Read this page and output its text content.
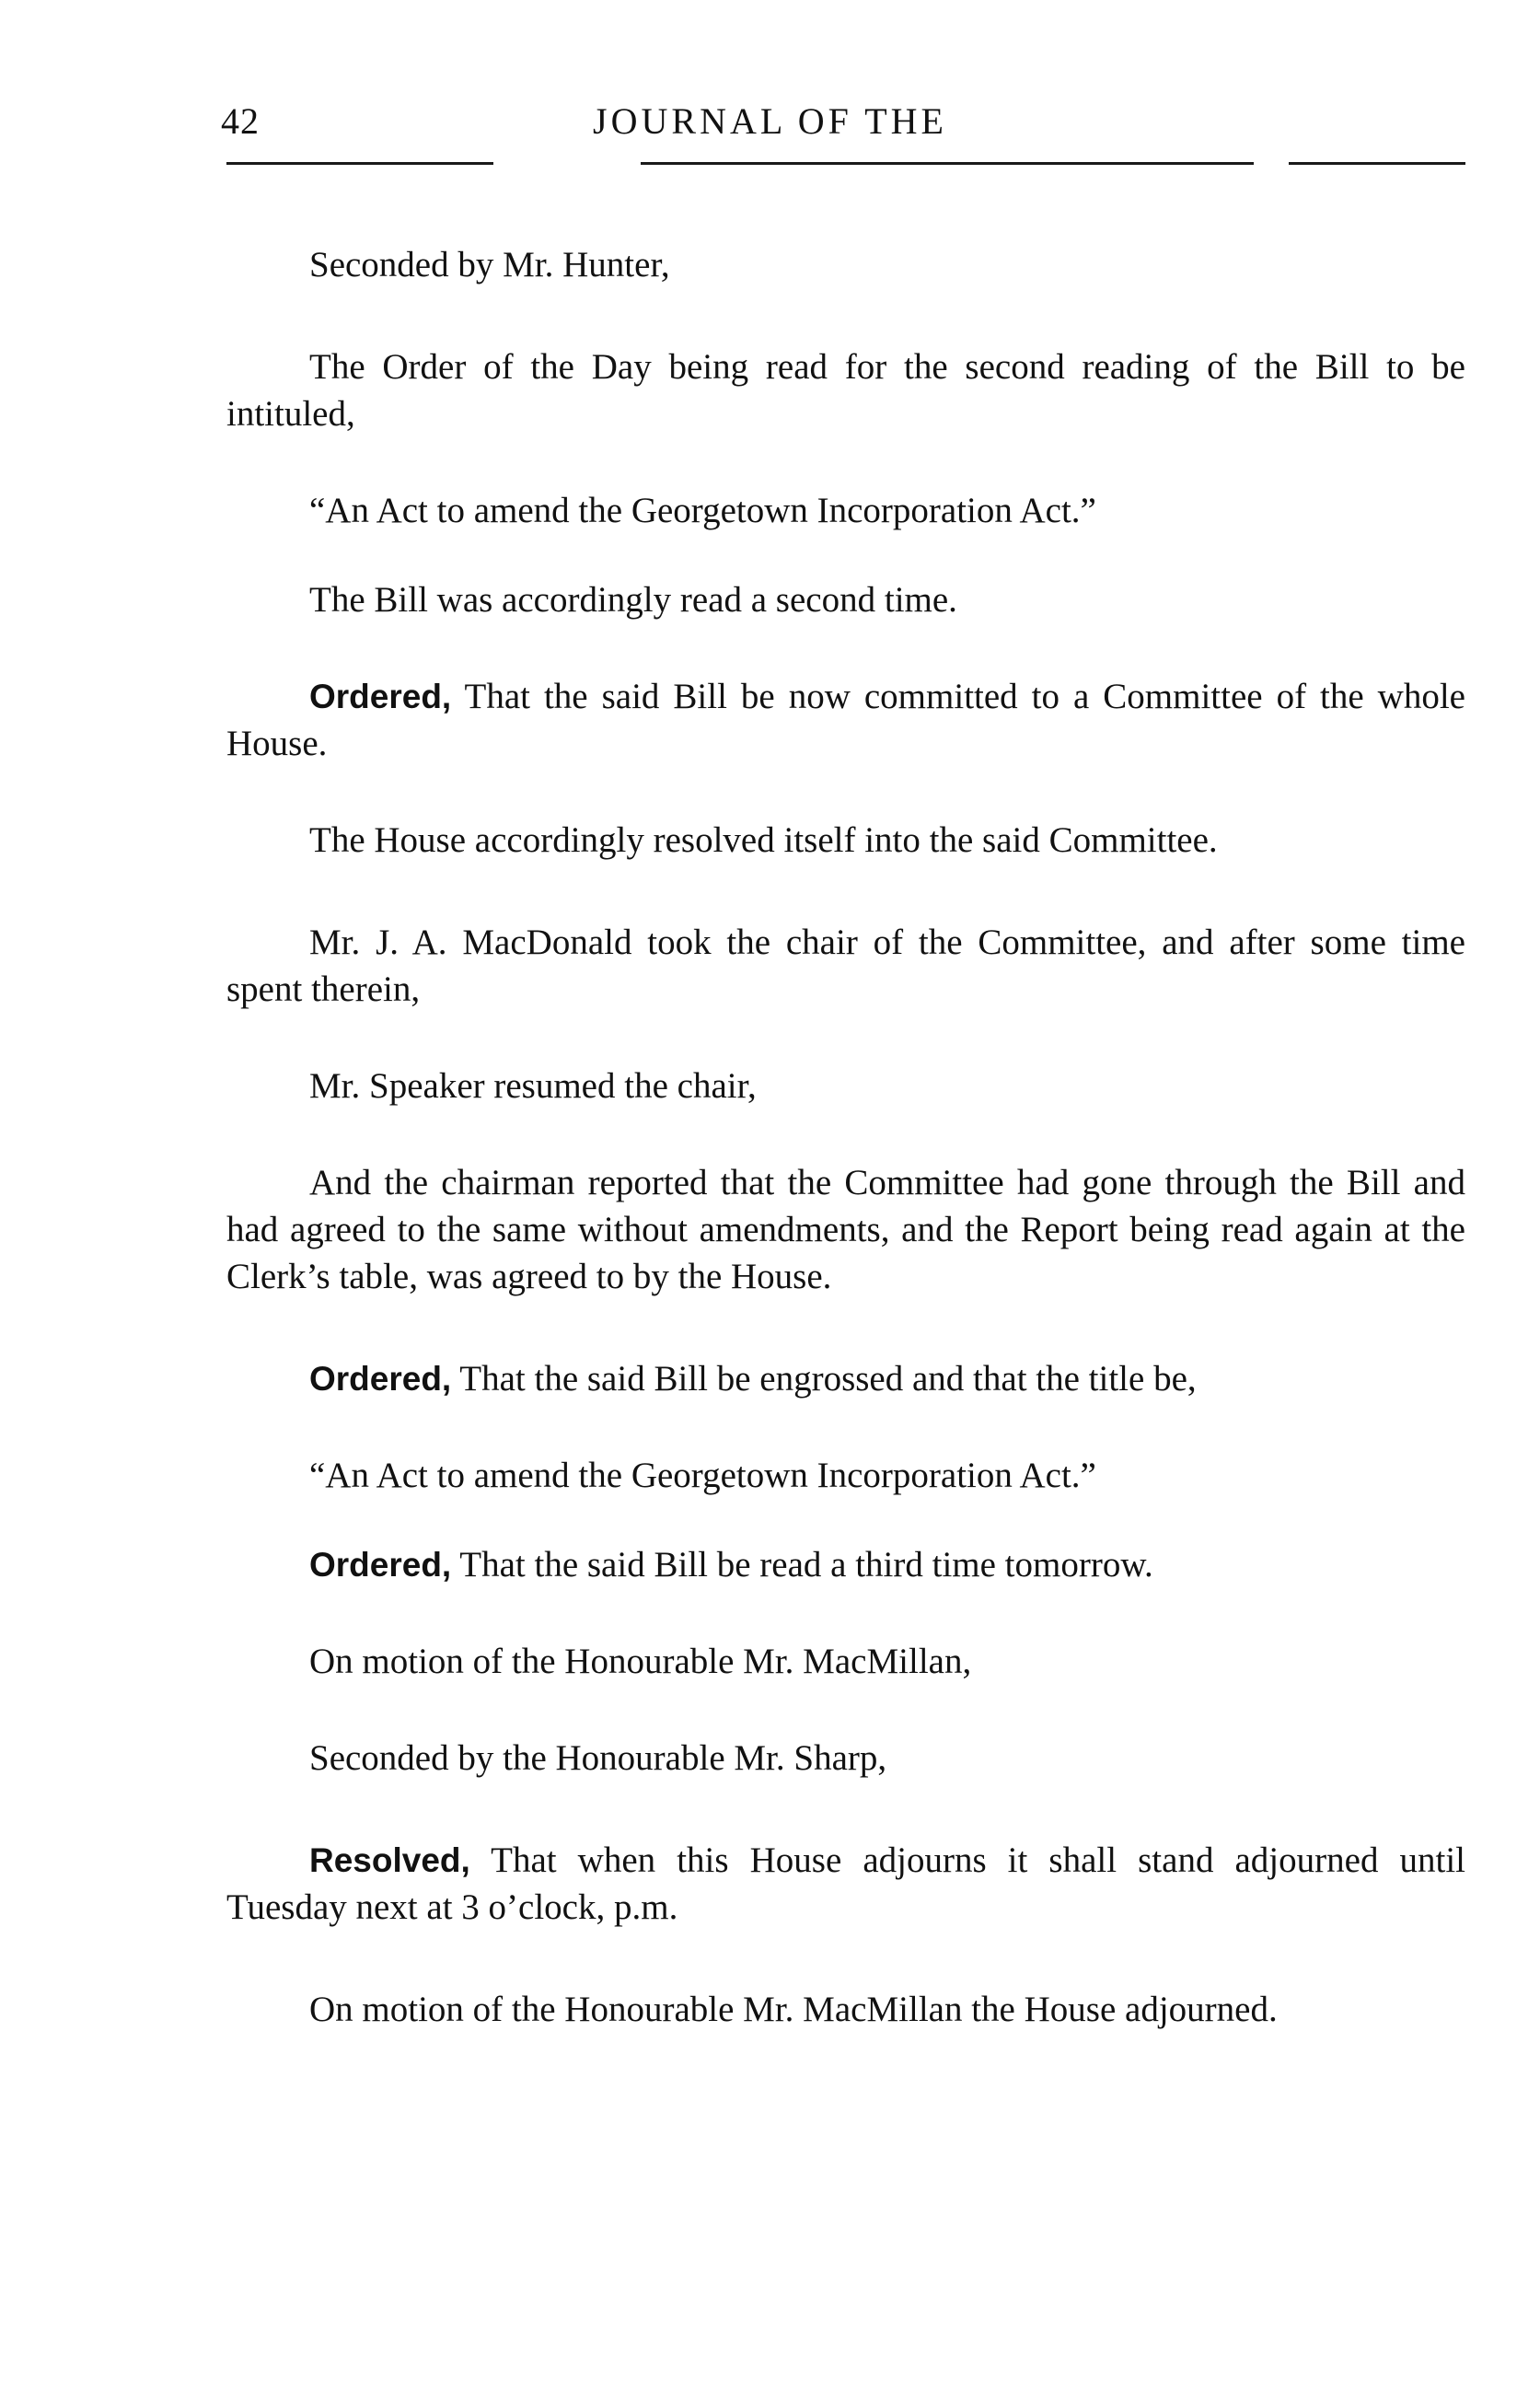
42	JOURNAL OF THE

Seconded by Mr. Hunter,

The Order of the Day being read for the second reading of the Bill to be intituled,

“An Act to amend the Georgetown Incorporation Act.”

The Bill was accordingly read a second time.

Ordered, That the said Bill be now committed to a Committee of the whole House.

The House accordingly resolved itself into the said Committee.

Mr. J. A. MacDonald took the chair of the Committee, and after some time spent therein,

Mr. Speaker resumed the chair,

And the chairman reported that the Committee had gone through the Bill and had agreed to the same without amendments, and the Report being read again at the Clerk’s table, was agreed to by the House.

Ordered, That the said Bill be engrossed and that the title be,

“An Act to amend the Georgetown Incorporation Act.”

Ordered, That the said Bill be read a third time tomorrow.

On motion of the Honourable Mr. MacMillan,

Seconded by the Honourable Mr. Sharp,

Resolved, That when this House adjourns it shall stand adjourned until Tuesday next at 3 o’clock, p.m.

On motion of the Honourable Mr. MacMillan the House adjourned.
